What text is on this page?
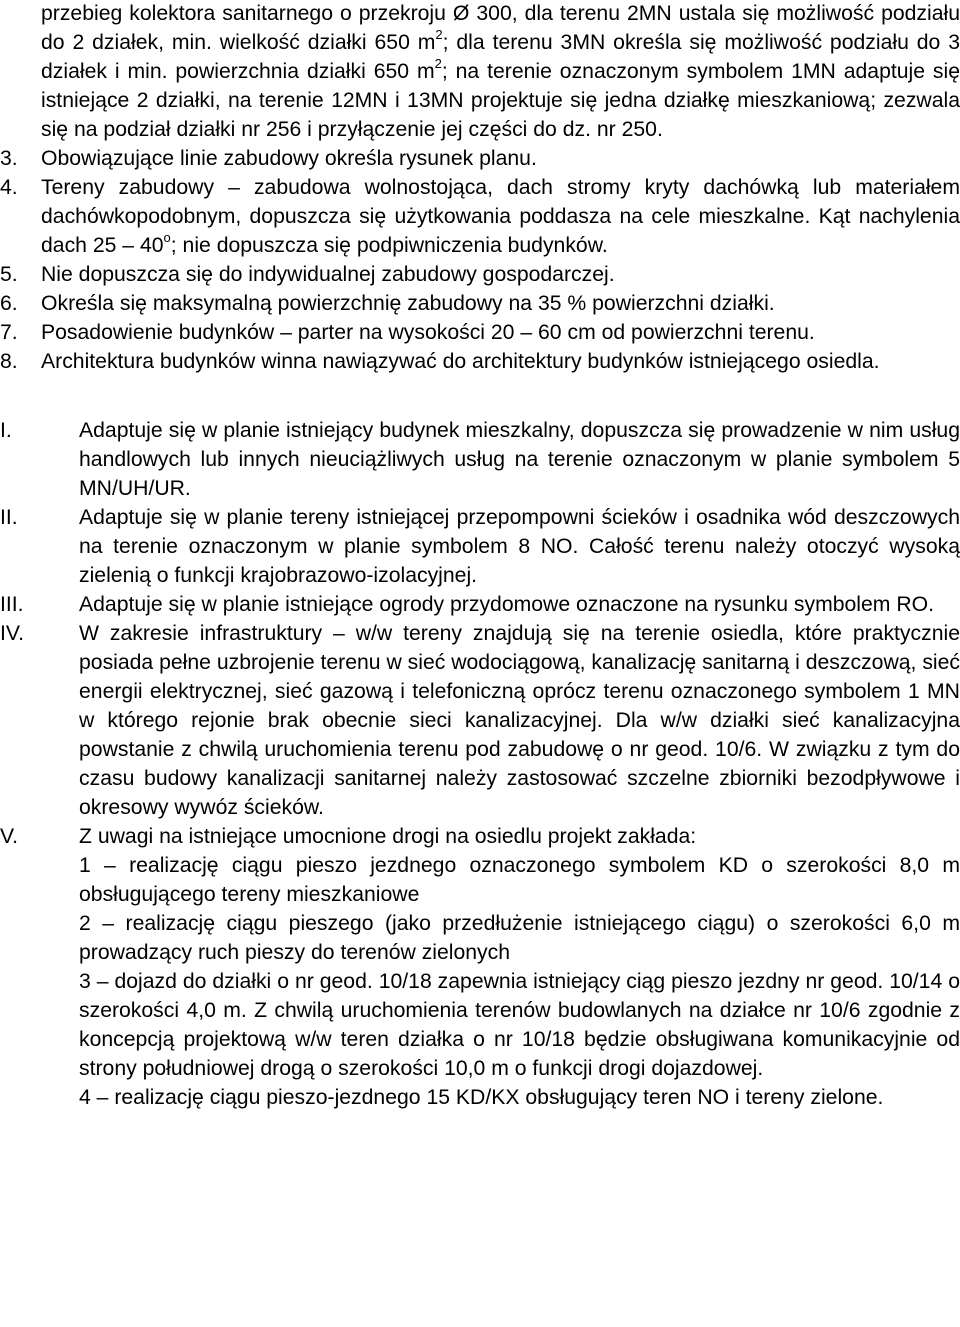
przebieg kolektora sanitarnego o przekroju Ø 300, dla terenu 2MN ustala się możliwość podziału do 2 działek, min. wielkość działki 650 $m^2$; dla terenu 3MN określa się możliwość podziału do 3 działek i min. powierzchnia działki 650 $m^2$; na terenie oznaczonym symbolem 1MN adaptuje się istniejące 2 działki, na terenie 12MN i 13MN projektuje się jedna działkę mieszkaniową; zezwala się na podział działki nr 256 i przyłączenie jej części do dz. nr 250.
3.	Obowiązujące linie zabudowy określa rysunek planu.
4.	Tereny zabudowy – zabudowa wolnostojąca, dach stromy kryty dachówką lub materiałem dachówkopodobnym, dopuszcza się użytkowania poddasza na cele mieszkalne. Kąt nachylenia dach 25 – 40$^o$; nie dopuszcza się podpiwniczenia budynków.
5.	Nie dopuszcza się do indywidualnej zabudowy gospodarczej.
6.	Określa się maksymalną powierzchnię zabudowy na 35 % powierzchni działki.
7.	Posadowienie budynków – parter na wysokości 20 – 60 cm od powierzchni terenu.
8.	Architektura budynków winna nawiązywać do architektury budynków istniejącego osiedla.
I.	Adaptuje się w planie istniejący budynek mieszkalny, dopuszcza się prowadzenie w nim usług handlowych lub innych nieuciążliwych usług na terenie oznaczonym w planie symbolem 5 MN/UH/UR.
II.	Adaptuje się w planie tereny istniejącej przepompowni ścieków i osadnika wód deszczowych na terenie oznaczonym w planie symbolem 8 NO. Całość terenu należy otoczyć wysoką zielenią o funkcji krajobrazowo-izolacyjnej.
III.	Adaptuje się w planie istniejące ogrody przydomowe oznaczone na rysunku symbolem RO.
IV.	W zakresie infrastruktury – w/w tereny znajdują się na terenie osiedla, które praktycznie posiada pełne uzbrojenie terenu w sieć wodociągową, kanalizację sanitarną i deszczową, sieć energii elektrycznej, sieć gazową i telefoniczną oprócz terenu oznaczonego symbolem 1 MN w którego rejonie brak obecnie sieci kanalizacyjnej. Dla w/w działki sieć kanalizacyjna powstanie z chwilą uruchomienia terenu pod zabudowę o nr geod. 10/6. W związku z tym do czasu budowy kanalizacji sanitarnej należy zastosować szczelne zbiorniki bezodpływowe i okresowy wywóz ścieków.
V.	Z uwagi na istniejące umocnione drogi na osiedlu projekt zakłada:

1 – realizację ciągu pieszo jezdnego oznaczonego symbolem KD o szerokości 8,0 m obsługującego tereny mieszkaniowe

2 – realizację ciągu pieszego (jako przedłużenie istniejącego ciągu) o szerokości 6,0 m prowadzący ruch pieszy do terenów zielonych

3 – dojazd do działki o nr geod. 10/18 zapewnia istniejący ciąg pieszo jezdny nr geod. 10/14 o szerokości 4,0 m. Z chwilą uruchomienia terenów budowlanych na działce nr 10/6 zgodnie z koncepcją projektową w/w teren działka o nr 10/18 będzie obsługiwana komunikacyjnie od strony południowej drogą o szerokości 10,0 m o funkcji drogi dojazdowej.

4 – realizację ciągu pieszo-jezdnego 15 KD/KX obsługujący teren NO i tereny zielone.
